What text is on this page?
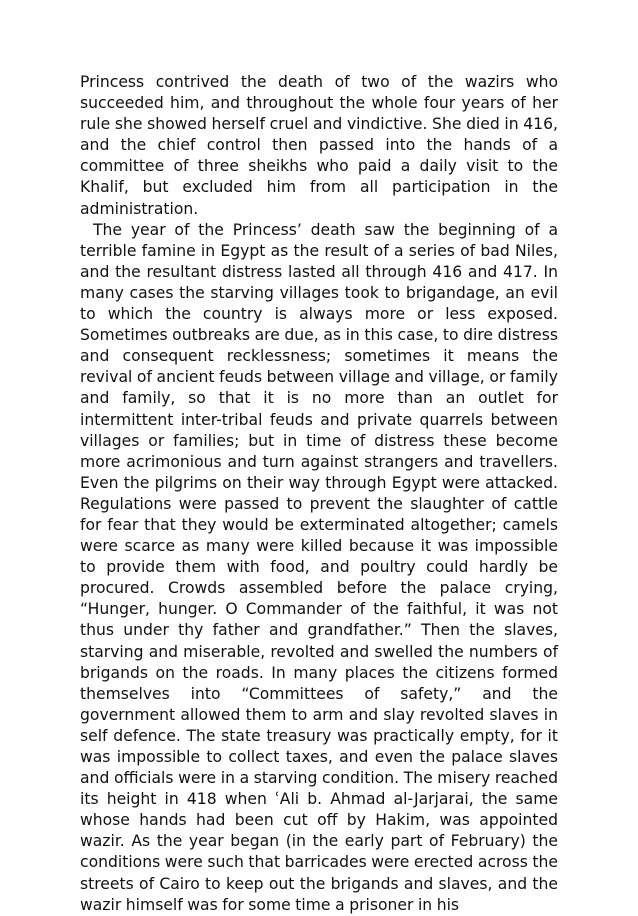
Princess contrived the death of two of the wazirs who succeeded him, and throughout the whole four years of her rule she showed herself cruel and vindictive. She died in 416, and the chief control then passed into the hands of a committee of three sheikhs who paid a daily visit to the Khalif, but excluded him from all participation in the administration.

The year of the Princess’ death saw the beginning of a terrible famine in Egypt as the result of a series of bad Niles, and the resultant distress lasted all through 416 and 417. In many cases the starving villages took to brigandage, an evil to which the country is always more or less exposed. Sometimes outbreaks are due, as in this case, to dire distress and consequent recklessness; sometimes it means the revival of ancient feuds between village and village, or family and family, so that it is no more than an outlet for intermittent inter-tribal feuds and private quarrels between villages or families; but in time of distress these become more acrimonious and turn against strangers and travellers. Even the pilgrims on their way through Egypt were attacked. Regulations were passed to prevent the slaughter of cattle for fear that they would be exterminated altogether; camels were scarce as many were killed because it was impossible to provide them with food, and poultry could hardly be procured. Crowds assembled before the palace crying, “Hunger, hunger. O Commander of the faithful, it was not thus under thy father and grandfather.” Then the slaves, starving and miserable, revolted and swelled the numbers of brigands on the roads. In many places the citizens formed themselves into “Committees of safety,” and the government allowed them to arm and slay revolted slaves in self defence. The state treasury was practically empty, for it was impossible to collect taxes, and even the palace slaves and officials were in a starving condition. The misery reached its height in 418 when ʿAli b. Ahmad al-Jarjarai, the same whose hands had been cut off by Hakim, was appointed wazir. As the year began (in the early part of February) the conditions were such that barricades were erected across the streets of Cairo to keep out the brigands and slaves, and the wazir himself was for some time a prisoner in his
